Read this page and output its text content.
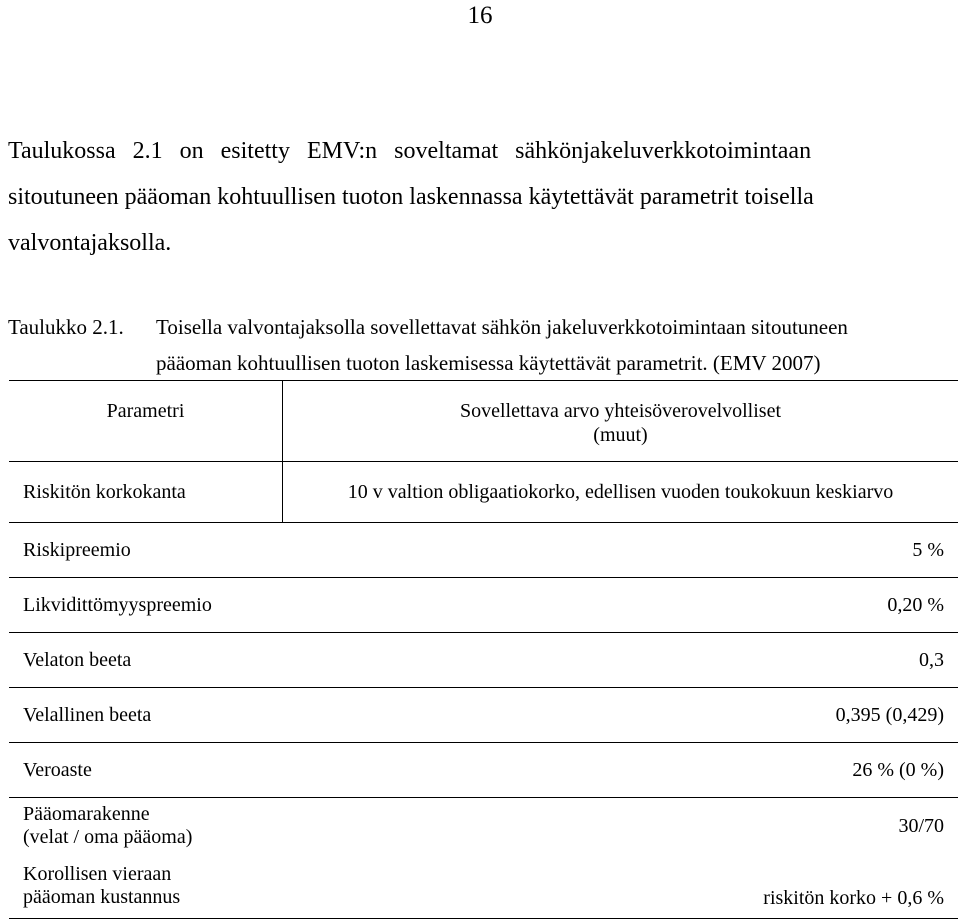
16
Taulukossa 2.1 on esitetty EMV:n soveltamat sähkönjakeluverkkotoimintaan
sitoutuneen pääoman kohtuullisen tuoton laskennassa käytettävät parametrit toisella
valvontajaksolla.
Taulukko 2.1. Toisella valvontajaksolla sovellettavat sähkön jakeluverkkotoimintaan sitoutuneen
pääoman kohtuullisen tuoton laskemisessa käytettävät parametrit. (EMV 2007)
Parametri	Sovellettava arvo yhteisöverovelvolliset
(muut)

Riskitön korkokanta	10 v valtion obligaatiokorko, edellisen vuoden toukokuun keskiarvo

Riskipreemio 5 %	

Likvidittömyyspreemio 0,20 %	

Velaton beeta 0,3	

Velallinen beeta 0,395 (0,429)	

Veroaste 26 % (0 %)	

Pääomarakenne
(velat / oma pääoma)	30/70

Korollisen vieraan
pääoman kustannus	riskitön korko + 0,6 %
